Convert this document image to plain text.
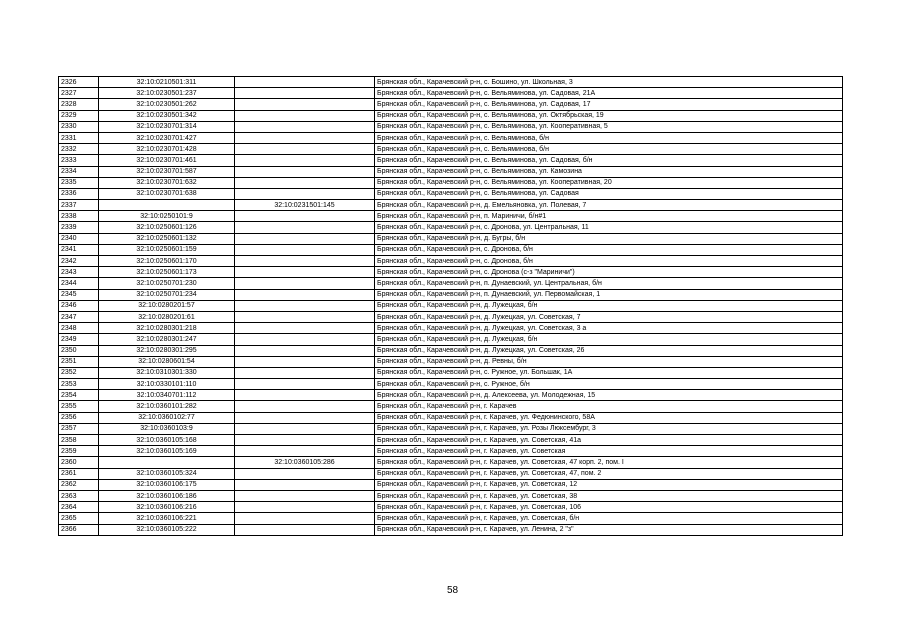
2326	32:10:0210501:311		Брянская обл., Карачевский р-н, с. Бошино, ул. Школьная, 3
2327	32:10:0230501:237		Брянская обл., Карачевский р-н, с. Вельяминова, ул. Садовая, 21А
2328	32:10:0230501:262		Брянская обл., Карачевский р-н, с. Вельяминова, ул. Садовая, 17
2329	32:10:0230501:342		Брянская обл., Карачевский р-н, с. Вельяминова, ул. Октябрьская, 19
2330	32:10:0230701:314		Брянская обл., Карачевский р-н, с. Вельяминова, ул. Кооперативная, 5
2331	32:10:0230701:427		Брянская обл., Карачевский р-н, с. Вельяминова, б/н
2332	32:10:0230701:428		Брянская обл., Карачевский р-н, с. Вельяминова, б/н
2333	32:10:0230701:461		Брянская обл., Карачевский р-н, с. Вельяминова, ул. Садовая, б/н
2334	32:10:0230701:587		Брянская обл., Карачевский р-н, с. Вельяминова, ул. Камозина
2335	32:10:0230701:632		Брянская обл., Карачевский р-н, с. Вельяминова, ул. Кооперативная, 20
2336	32:10:0230701:638		Брянская обл., Карачевский р-н, с. Вельяминова, ул. Садовая
2337		32:10:0231501:145	Брянская обл., Карачевский р-н, д. Емельяновка, ул. Полевая, 7
2338	32:10:0250101:9		Брянская обл., Карачевский р-н, п. Мариничи, б/н#1
2339	32:10:0250601:126		Брянская обл., Карачевский р-н, с. Дронова, ул. Центральная, 11
2340	32:10:0250601:132		Брянская обл., Карачевский р-н, д. Бугры, б/н
2341	32:10:0250601:159		Брянская обл., Карачевский р-н, с. Дронова, б/н
2342	32:10:0250601:170		Брянская обл., Карачевский р-н, с. Дронова, б/н
2343	32:10:0250601:173		Брянская обл., Карачевский р-н, с. Дронова (с-з "Мариничи")
2344	32:10:0250701:230		Брянская обл., Карачевский р-н, п. Дунаевский, ул. Центральная, б/н
2345	32:10:0250701:234		Брянская обл., Карачевский р-н, п. Дунаевский, ул. Первомайская, 1
2346	32:10:0280201:57		Брянская обл., Карачевский р-н, д. Лужецкая, б/н
2347	32:10:0280201:61		Брянская обл., Карачевский р-н, д. Лужецкая, ул. Советская, 7
2348	32:10:0280301:218		Брянская обл., Карачевский р-н, д. Лужецкая, ул. Советская, 3 а
2349	32:10:0280301:247		Брянская обл., Карачевский р-н, д. Лужецкая, б/н
2350	32:10:0280301:295		Брянская обл., Карачевский р-н, д. Лужецкая, ул. Советская, 26
2351	32:10:0280601:54		Брянская обл., Карачевский р-н, д. Ревны, б/н
2352	32:10:0310301:330		Брянская обл., Карачевский р-н, с. Ружное, ул. Большак, 1А
2353	32:10:0330101:110		Брянская обл., Карачевский р-н, с. Ружное, б/н
2354	32:10:0340701:112		Брянская обл., Карачевский р-н, д. Алексеева, ул. Молодежная, 15
2355	32:10:0360101:282		Брянская обл., Карачевский р-н, г. Карачев
2356	32:10:0360102:77		Брянская обл., Карачевский р-н, г. Карачев, ул. Федюнинского, 58А
2357	32:10:0360103:9		Брянская обл., Карачевский р-н, г. Карачев, ул. Розы Люксембург, 3
2358	32:10:0360105:168		Брянская обл., Карачевский р-н, г. Карачев, ул. Советская, 41а
2359	32:10:0360105:169		Брянская обл., Карачевский р-н, г. Карачев, ул. Советская
2360		32:10:0360105:286	Брянская обл., Карачевский р-н, г. Карачев, ул. Советская, 47 корп. 2, пом. I
2361	32:10:0360105:324		Брянская обл., Карачевский р-н, г. Карачев, ул. Советская, 47, пом. 2
2362	32:10:0360106:175		Брянская обл., Карачевский р-н, г. Карачев, ул. Советская, 12
2363	32:10:0360106:186		Брянская обл., Карачевский р-н, г. Карачев, ул. Советская, 38
2364	32:10:0360106:216		Брянская обл., Карачевский р-н, г. Карачев, ул. Советская, 106
2365	32:10:0360106:221		Брянская обл., Карачевский р-н, г. Карачев, ул. Советская, б/н
2366	32:10:0360105:222		Брянская обл., Карачевский р-н, г. Карачев, ул. Ленина, 2 "з"
58
